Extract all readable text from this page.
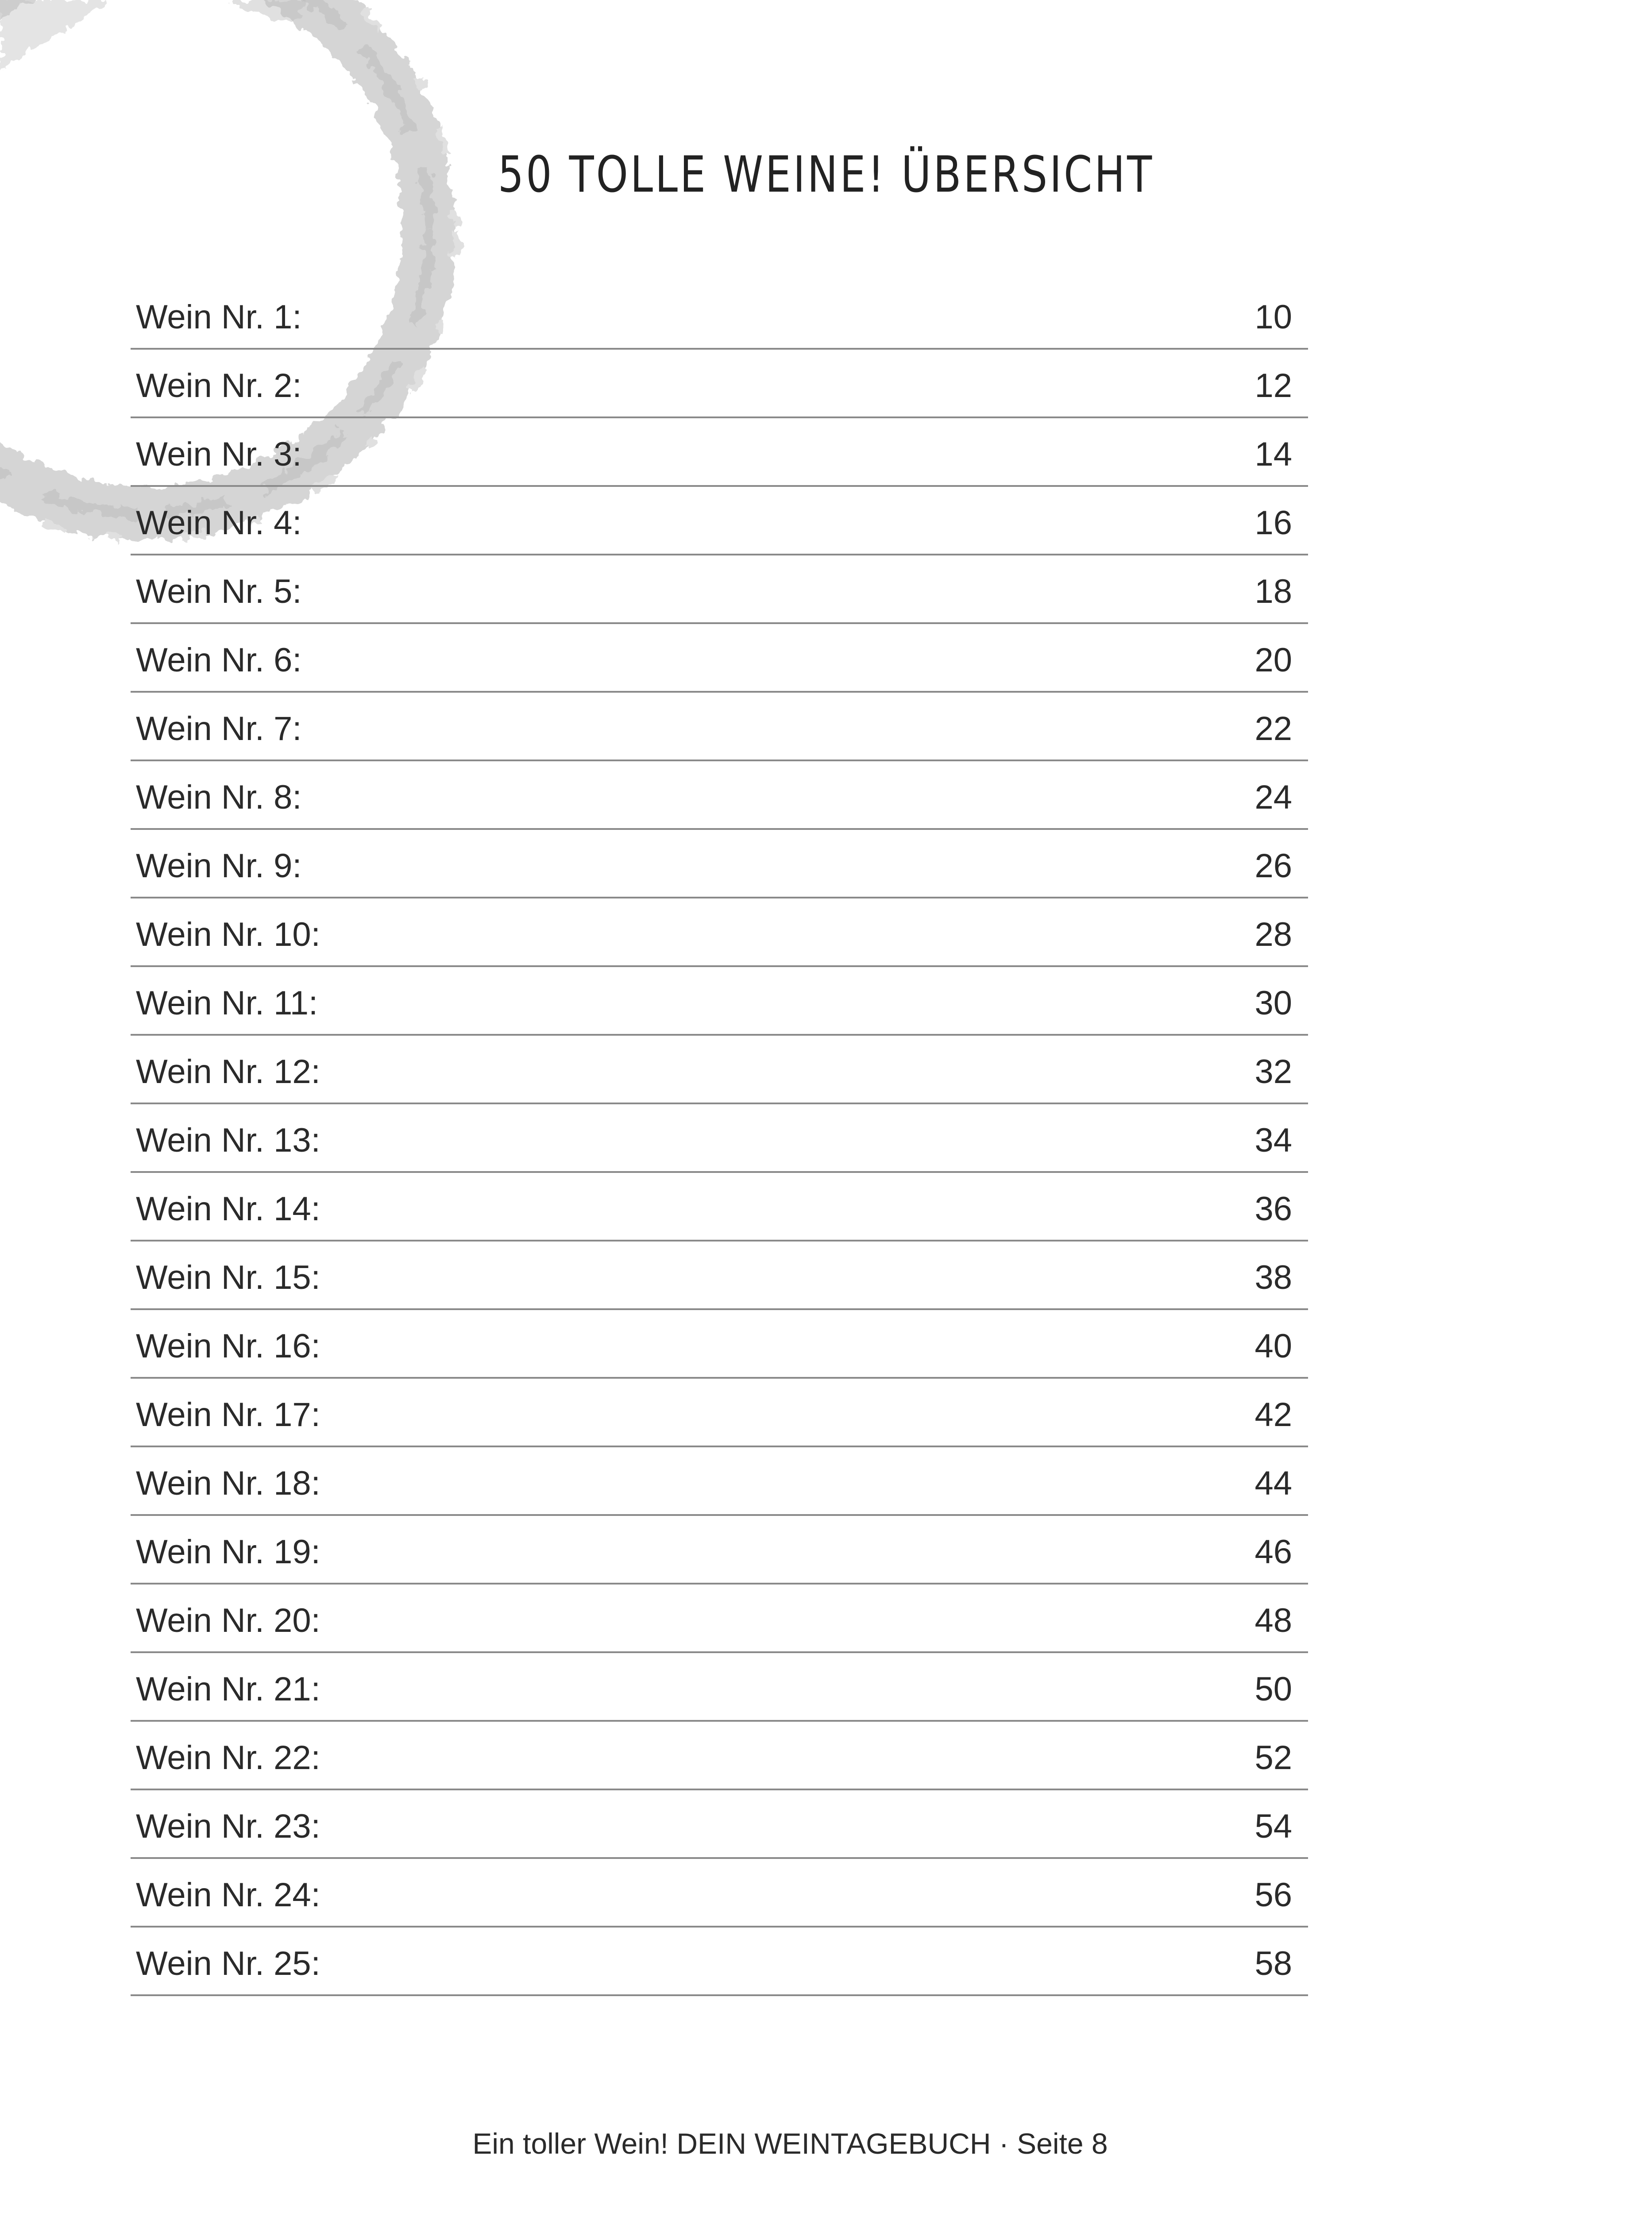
50 TOLLE WEINE! ÜBERSICHT
Wein Nr. 1:	10
Wein Nr. 2:	12
Wein Nr. 3:	14
Wein Nr. 4:	16
Wein Nr. 5:	18
Wein Nr. 6:	20
Wein Nr. 7:	22
Wein Nr. 8:	24
Wein Nr. 9:	26
Wein Nr. 10:	28
Wein Nr. 11:	30
Wein Nr. 12:	32
Wein Nr. 13:	34
Wein Nr. 14:	36
Wein Nr. 15:	38
Wein Nr. 16:	40
Wein Nr. 17:	42
Wein Nr. 18:	44
Wein Nr. 19:	46
Wein Nr. 20:	48
Wein Nr. 21:	50
Wein Nr. 22:	52
Wein Nr. 23:	54
Wein Nr. 24:	56
Wein Nr. 25:	58
Ein toller Wein! DEIN WEINTAGEBUCH · Seite 8
